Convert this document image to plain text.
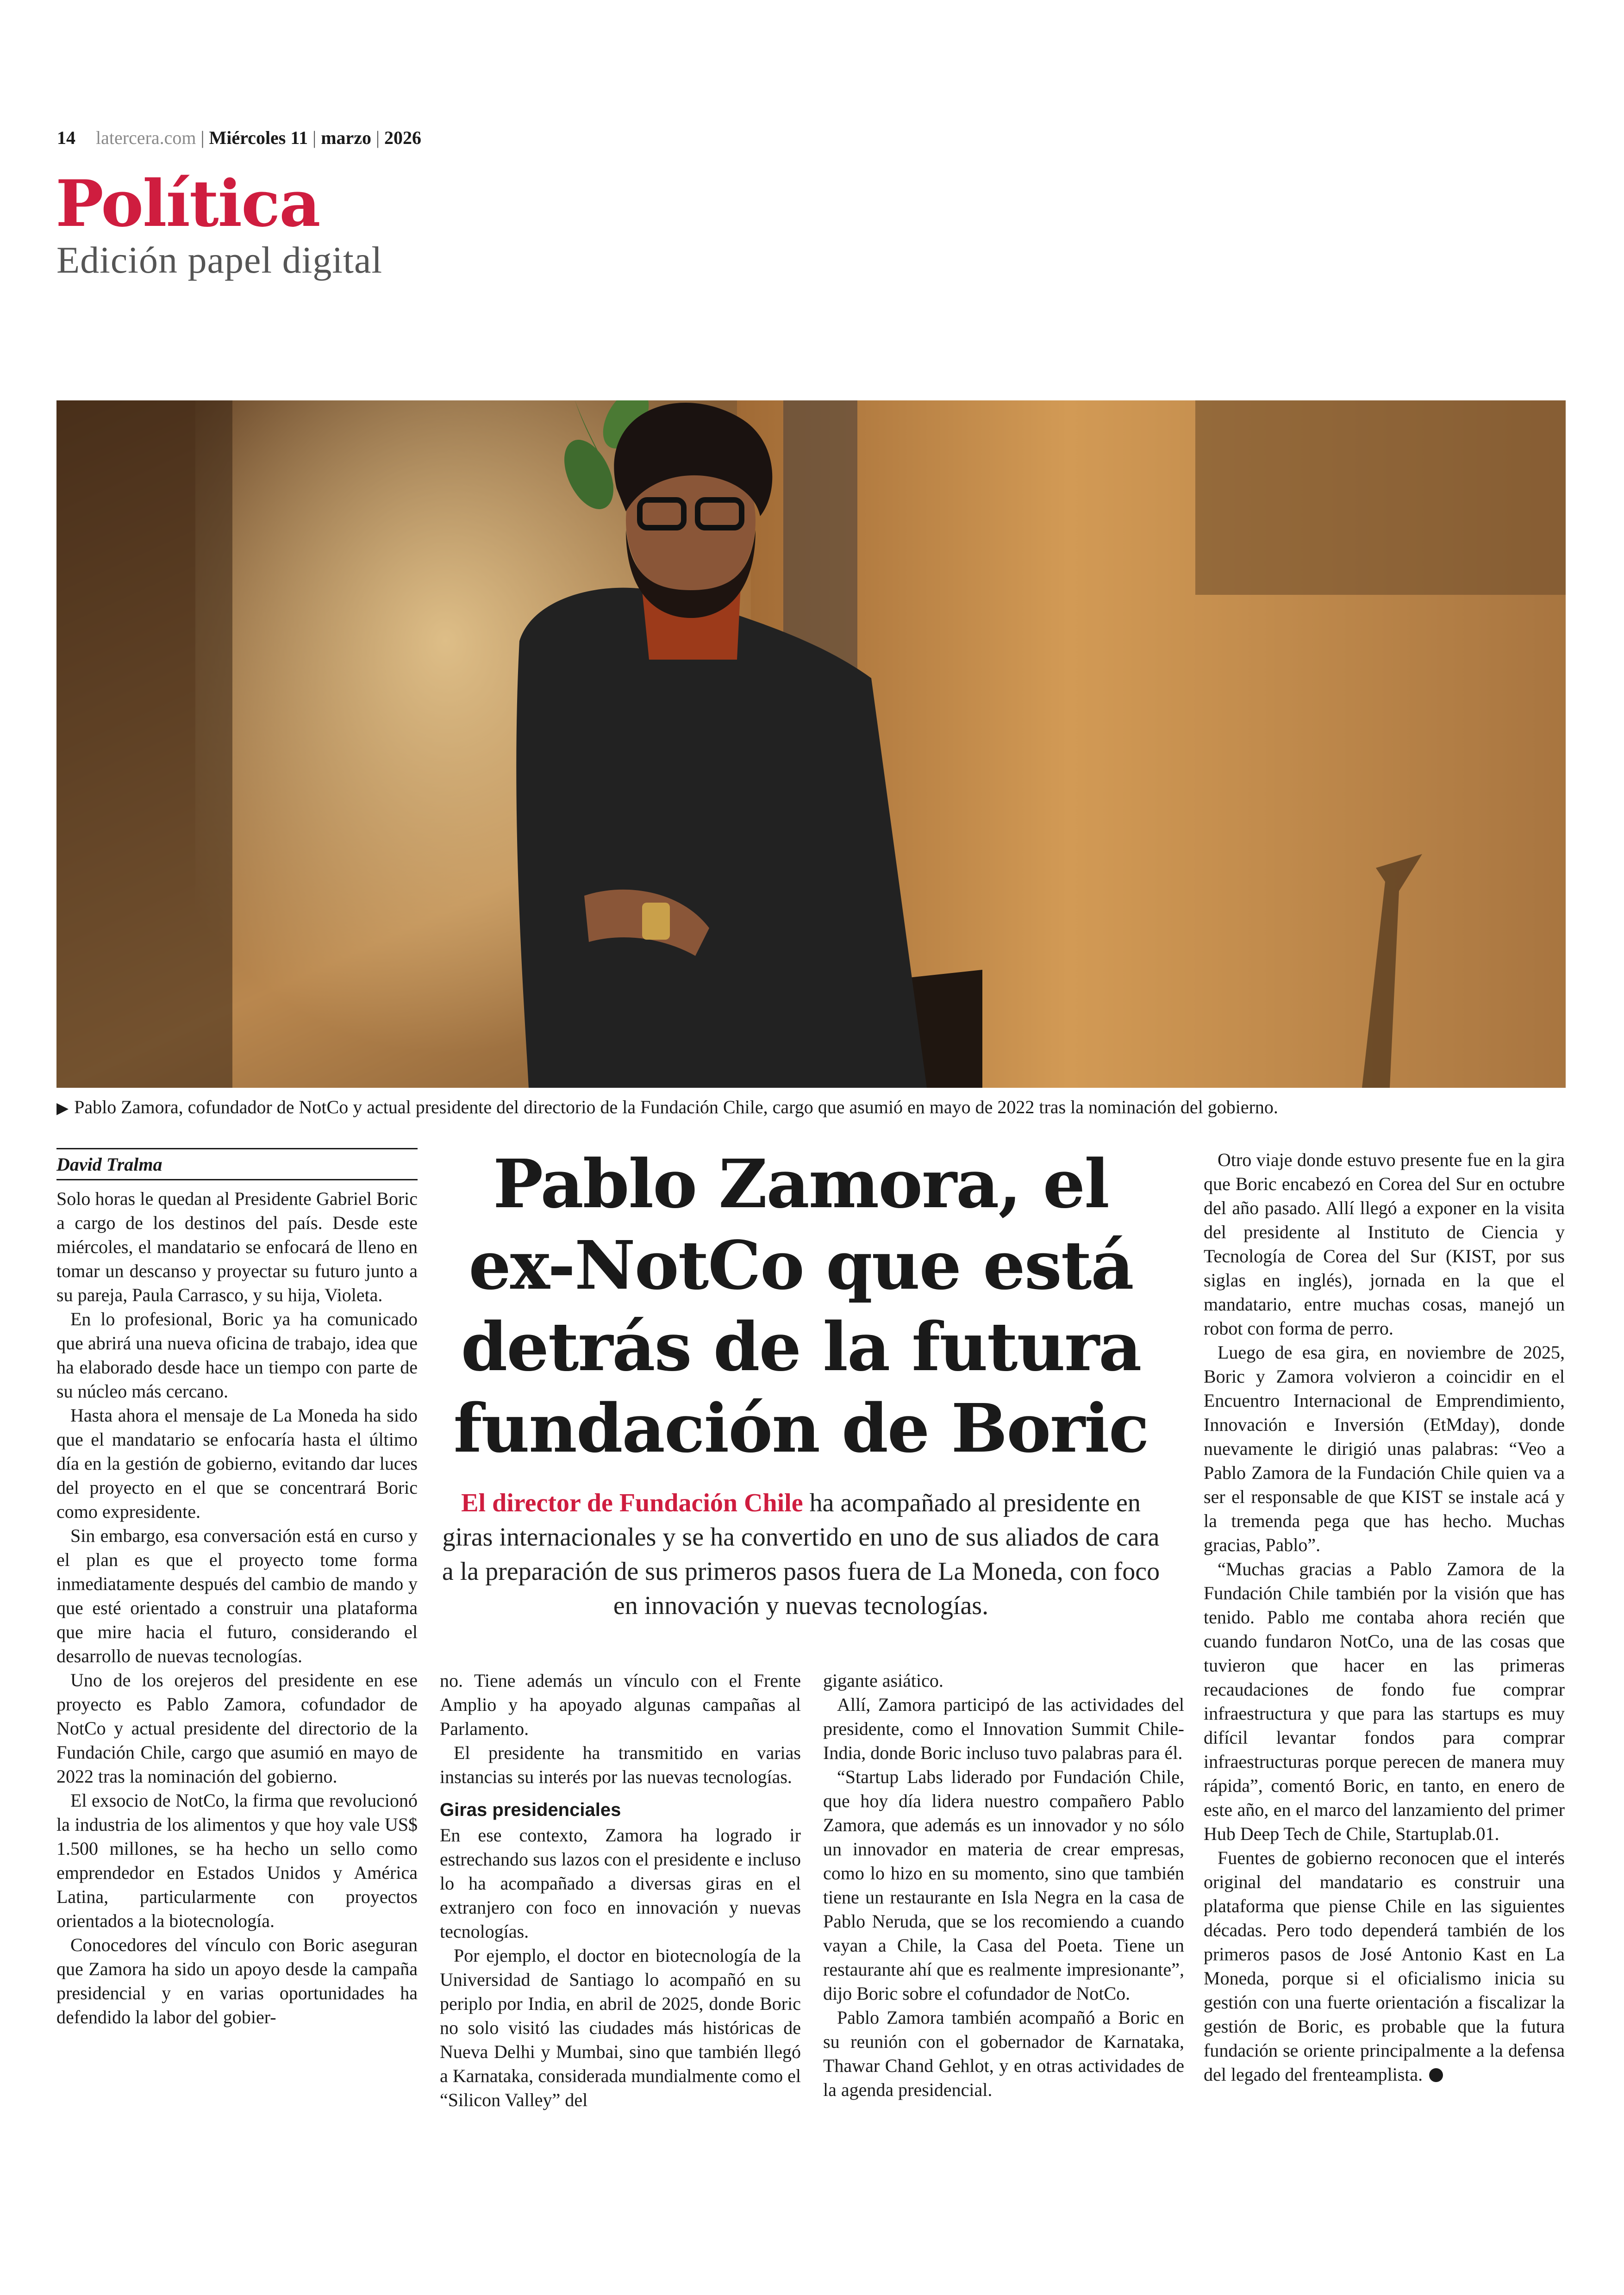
14 latercera.com | Miércoles 11 | marzo | 2026
Política
Edición papel digital
▶ Pablo Zamora, cofundador de NotCo y actual presidente del directorio de la Fundación Chile, cargo que asumió en mayo de 2022 tras la nominación del gobierno.
Pablo Zamora, el ex-NotCo que está detrás de la futura fundación de Boric
El director de Fundación Chile ha acompañado al presidente en giras internacionales y se ha convertido en uno de sus aliados de cara a la preparación de sus primeros pasos fuera de La Moneda, con foco en innovación y nuevas tecnologías.
David Tralma

Solo horas le quedan al Presidente Gabriel Boric a cargo de los destinos del país. Desde este miércoles, el mandatario se enfocará de lleno en tomar un descanso y proyectar su futuro junto a su pareja, Paula Carrasco, y su hija, Violeta.

En lo profesional, Boric ya ha comunicado que abrirá una nueva oficina de trabajo, idea que ha elaborado desde hace un tiempo con parte de su núcleo más cercano.

Hasta ahora el mensaje de La Moneda ha sido que el mandatario se enfocaría hasta el último día en la gestión de gobierno, evitando dar luces del proyecto en el que se concentrará Boric como expresidente.

Sin embargo, esa conversación está en curso y el plan es que el proyecto tome forma inmediatamente después del cambio de mando y que esté orientado a construir una plataforma que mire hacia el futuro, considerando el desarrollo de nuevas tecnologías.

Uno de los orejeros del presidente en ese proyecto es Pablo Zamora, cofundador de NotCo y actual presidente del directorio de la Fundación Chile, cargo que asumió en mayo de 2022 tras la nominación del gobierno.

El exsocio de NotCo, la firma que revolucionó la industria de los alimentos y que hoy vale US$ 1.500 millones, se ha hecho un sello como emprendedor en Estados Unidos y América Latina, particularmente con proyectos orientados a la biotecnología.

Conocedores del vínculo con Boric aseguran que Zamora ha sido un apoyo desde la campaña presidencial y en varias oportunidades ha defendido la labor del gobier-

no. Tiene además un vínculo con el Frente Amplio y ha apoyado algunas campañas al Parlamento.

El presidente ha transmitido en varias instancias su interés por las nuevas tecnologías.

Giras presidenciales

En ese contexto, Zamora ha logrado ir estrechando sus lazos con el presidente e incluso lo ha acompañado a diversas giras en el extranjero con foco en innovación y nuevas tecnologías.

Por ejemplo, el doctor en biotecnología de la Universidad de Santiago lo acompañó en su periplo por India, en abril de 2025, donde Boric no solo visitó las ciudades más históricas de Nueva Delhi y Mumbai, sino que también llegó a Karnataka, considerada mundialmente como el “Silicon Valley” del

gigante asiático.

Allí, Zamora participó de las actividades del presidente, como el Innovation Summit Chile-India, donde Boric incluso tuvo palabras para él.

“Startup Labs liderado por Fundación Chile, que hoy día lidera nuestro compañero Pablo Zamora, que además es un innovador y no sólo un innovador en materia de crear empresas, como lo hizo en su momento, sino que también tiene un restaurante en Isla Negra en la casa de Pablo Neruda, que se los recomiendo a cuando vayan a Chile, la Casa del Poeta. Tiene un restaurante ahí que es realmente impresionante”, dijo Boric sobre el cofundador de NotCo.

Pablo Zamora también acompañó a Boric en su reunión con el gobernador de Karnataka, Thawar Chand Gehlot, y en otras actividades de la agenda presidencial.

Otro viaje donde estuvo presente fue en la gira que Boric encabezó en Corea del Sur en octubre del año pasado. Allí llegó a exponer en la visita del presidente al Instituto de Ciencia y Tecnología de Corea del Sur (KIST, por sus siglas en inglés), jornada en la que el mandatario, entre muchas cosas, manejó un robot con forma de perro.

Luego de esa gira, en noviembre de 2025, Boric y Zamora volvieron a coincidir en el Encuentro Internacional de Emprendimiento, Innovación e Inversión (EtMday), donde nuevamente le dirigió unas palabras: “Veo a Pablo Zamora de la Fundación Chile quien va a ser el responsable de que KIST se instale acá y la tremenda pega que has hecho. Muchas gracias, Pablo”.

“Muchas gracias a Pablo Zamora de la Fundación Chile también por la visión que has tenido. Pablo me contaba ahora recién que cuando fundaron NotCo, una de las cosas que tuvieron que hacer en las primeras recaudaciones de fondo fue comprar infraestructura y que para las startups es muy difícil levantar fondos para comprar infraestructuras porque perecen de manera muy rápida”, comentó Boric, en tanto, en enero de este año, en el marco del lanzamiento del primer Hub Deep Tech de Chile, Startuplab.01.

Fuentes de gobierno reconocen que el interés original del mandatario es construir una plataforma que piense Chile en las siguientes décadas. Pero todo dependerá también de los primeros pasos de José Antonio Kast en La Moneda, porque si el oficialismo inicia su gestión con una fuerte orientación a fiscalizar la gestión de Boric, es probable que la futura fundación se oriente principalmente a la defensa del legado del frenteamplista.
